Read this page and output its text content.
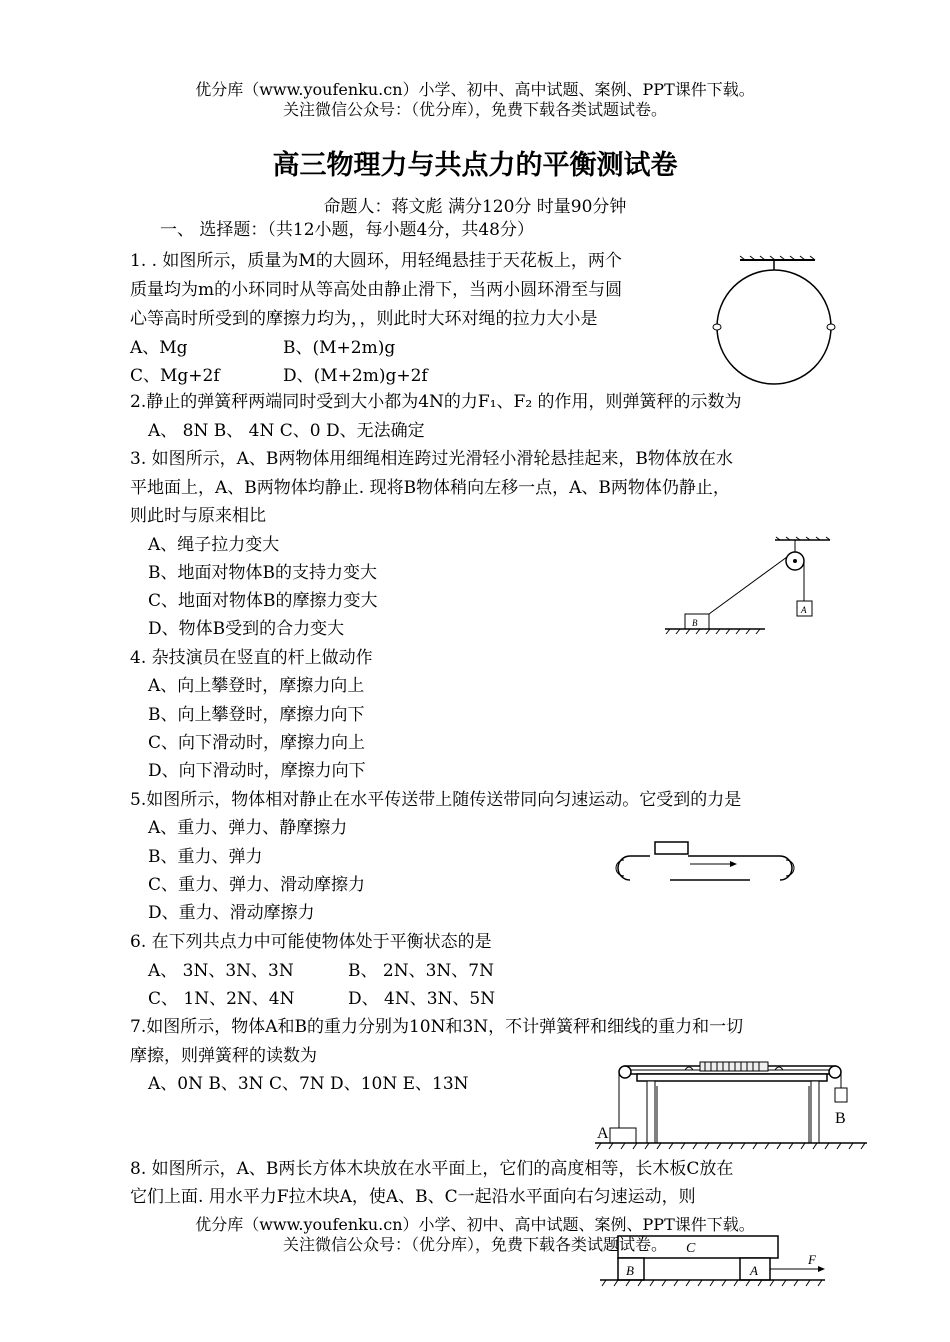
优分库（www.youfenku.cn）小学、初中、高中试题、案例、PPT课件下载。
关注微信公众号：（优分库），免费下载各类试题试卷。
高三物理力与共点力的平衡测试卷
命题人：蒋文彪 满分120分 时量90分钟
一、 选择题：（共12小题，每小题4分，共48分）
1. . 如图所示，质量为M的大圆环，用轻绳悬挂于天花板上，两个
质量均为m的小环同时从等高处由静止滑下，当两小圆环滑至与圆
心等高时所受到的摩擦力均为，，则此时大环对绳的拉力大小是
A、Mg	B、(M+2m)g
C、Mg+2f	D、(M+2m)g+2f
2.静止的弹簧秤两端同时受到大小都为4N的力F₁、F₂ 的作用，则弹簧秤的示数为
A、 8N B、 4N C、0 D、无法确定
3. 如图所示，A、B两物体用细绳相连跨过光滑轻小滑轮悬挂起来，B物体放在水
平地面上，A、B两物体均静止. 现将B物体稍向左移一点，A、B两物体仍静止，
则此时与原来相比
A、绳子拉力变大
B、地面对物体B的支持力变大
C、地面对物体B的摩擦力变大
D、物体B受到的合力变大	B
A
4. 杂技演员在竖直的杆上做动作
A、向上攀登时，摩擦力向上
B、向上攀登时，摩擦力向下
C、向下滑动时，摩擦力向上
D、向下滑动时，摩擦力向下
5.如图所示，物体相对静止在水平传送带上随传送带同向匀速运动。它受到的力是
A、重力、弹力、静摩擦力
B、重力、弹力
C、重力、弹力、滑动摩擦力
D、重力、滑动摩擦力
6. 在下列共点力中可能使物体处于平衡状态的是
A、 3N、3N、3N	B、 2N、3N、7N
C、 1N、2N、4N	D、 4N、3N、5N
7.如图所示，物体A和B的重力分别为10N和3N，不计弹簧秤和细线的重力和一切
摩擦，则弹簧秤的读数为
A、0N B、3N C、7N D、10N E、13N
A
B
8. 如图所示，A、B两长方体木块放在水平面上，它们的高度相等，长木板C放在
它们上面. 用水平力F拉木块A，使A、B、C一起沿水平面向右匀速运动，则
C
B	A
F
优分库（www.youfenku.cn）小学、初中、高中试题、案例、PPT课件下载。
关注微信公众号：（优分库），免费下载各类试题试卷。
